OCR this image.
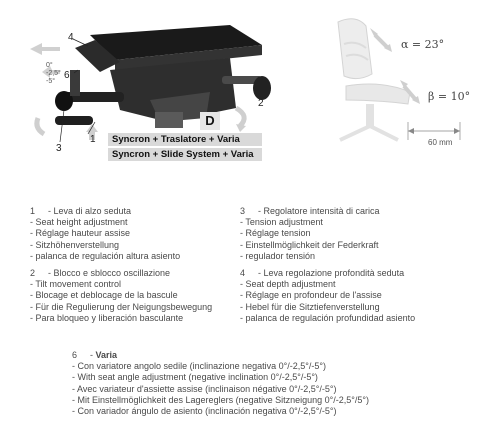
4
6
1
3
2
0°
-2,5°
-5°
D
Syncron + Traslatore + Varia
Syncron + Slide System + Varia
α = 23°
β = 10°
60 mm
1 - Leva di alzo seduta
- Seat height adjustment
- Réglage hauteur assise
- Sitzhöhenverstellung
- palanca de regulación altura asiento
2 - Blocco e sblocco oscillazione
- Tilt movement control
- Blocage et deblocage de la bascule
- Für die Regulierung der Neigungsbewegung
- Para bloqueo y liberación basculante
3 - Regolatore intensità di carica
- Tension adjustment
- Réglage tension
- Einstellmöglichkeit der Federkraft
- regulador tensión
4 - Leva regolazione profondità seduta
- Seat depth adjustment
- Réglage en profondeur de l'assise
- Hebel für die Sitztiefenverstellung
- palanca de regulación profundidad asiento
6 - Varia
- Con variatore angolo sedile (inclinazione negativa 0°/-2,5°/-5°)
- With seat angle adjustment (negative inclination 0°/-2,5°/-5°)
- Avec variateur d'assiette assise (inclinaison négative 0°/-2,5°/-5°)
- Mit Einstellmöglichkeit des Lagereglers (negative Sitzneigung 0°/-2,5°/5°)
- Con variador ángulo de asiento (inclinación negativa 0°/-2,5°/-5°)
